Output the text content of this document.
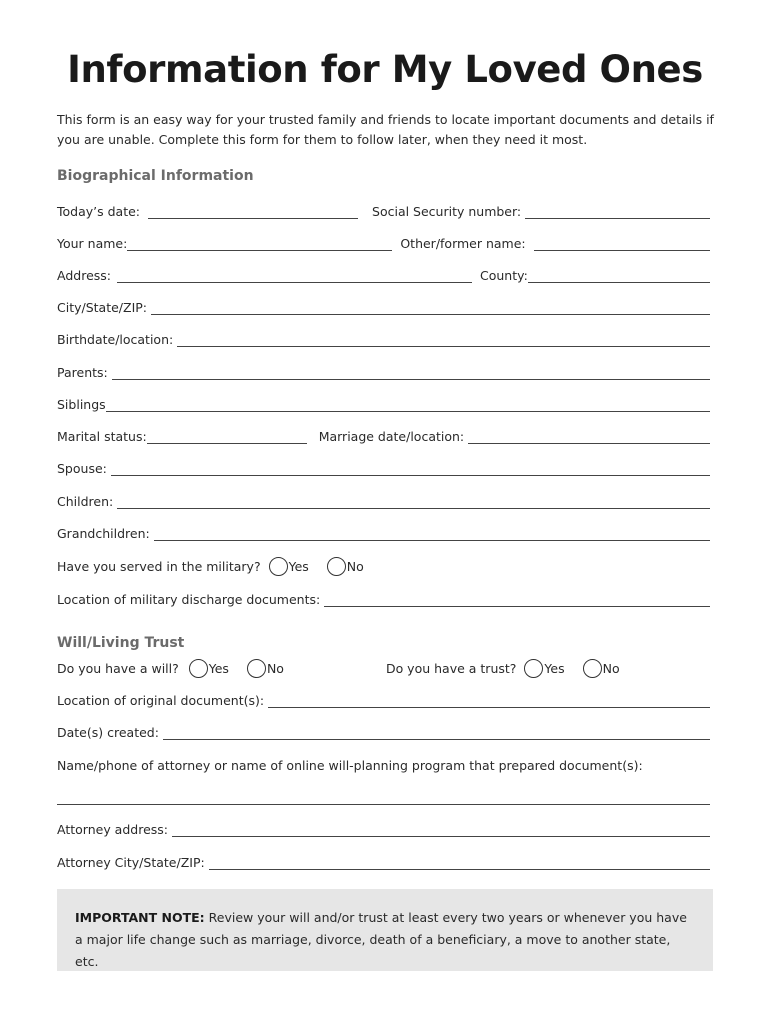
Information for My Loved Ones

This form is an easy way for your trusted family and friends to locate important documents and details if you are unable. Complete this form for them to follow later, when they need it most.

Biographical Information
Today’s date:	Social Security number:
Your name:	Other/former name:
Address:	County:
City/State/ZIP:
Birthdate/location:
Parents:
Siblings
Marital status:	Marriage date/location:
Spouse:
Children:
Grandchildren:
Have you served in the military? Yes	No
Location of military discharge documents:
Will/Living Trust
Do you have a will? Yes	No	Do you have a trust? Yes	No
Location of original document(s):
Date(s) created:
Name/phone of attorney or name of online will-planning program that prepared document(s):
Attorney address:
Attorney City/State/ZIP:
IMPORTANT NOTE: Review your will and/or trust at least every two years or whenever you have a major life change such as marriage, divorce, death of a beneficiary, a move to another state, etc.
